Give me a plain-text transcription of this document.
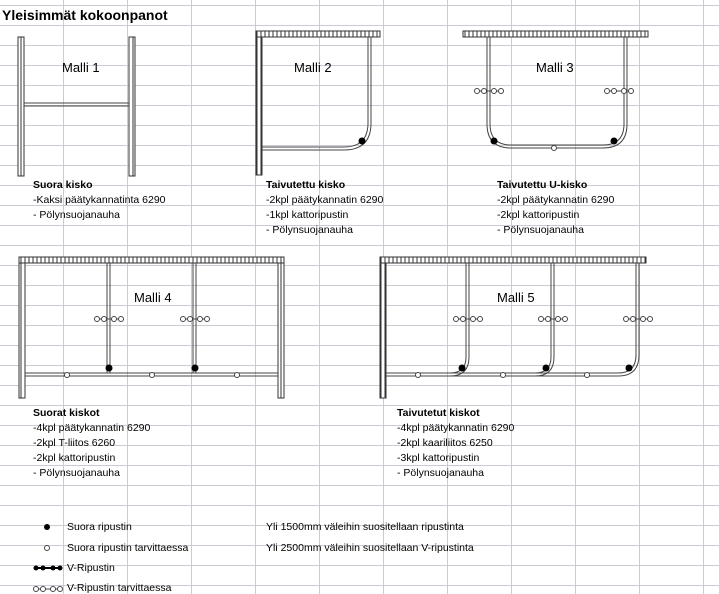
Yleisimmät kokoonpanot
Malli 1	Malli 2	Malli 3
Malli 4	Malli 5
Suora kisko
-Kaksi päätykannatinta 6290
- Pölynsuojanauha
Taivutettu kisko
-2kpl päätykannatin 6290
-1kpl kattoripustin
- Pölynsuojanauha
Taivutettu U-kisko
-2kpl päätykannatin 6290
-2kpl kattoripustin
- Pölynsuojanauha
Suorat kiskot
-4kpl päätykannatin 6290
-2kpl T-liitos 6260
-2kpl kattoripustin
- Pölynsuojanauha
Taivutetut kiskot
-4kpl päätykannatin 6290
-2kpl kaariliitos 6250
-3kpl kattoripustin
- Pölynsuojanauha
Suora ripustin
Suora ripustin tarvittaessa
V-Ripustin
V-Ripustin tarvittaessa
Yli 1500mm väleihin suositellaan ripustinta
Yli 2500mm väleihin suositellaan V-ripustinta
